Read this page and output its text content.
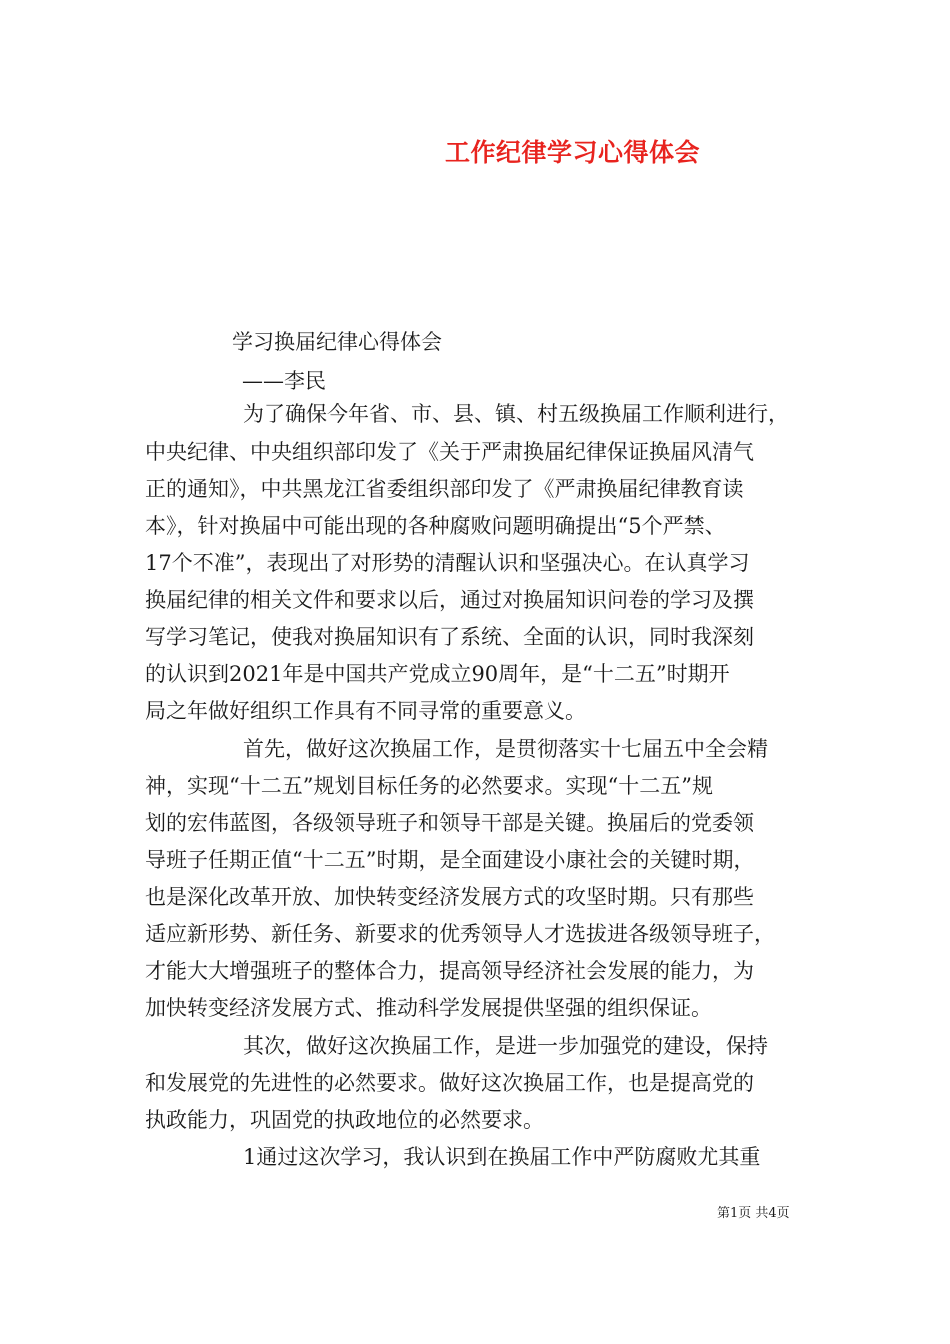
工作纪律学习心得体会
学习换届纪律心得体会
——李民
为了确保今年省、市、县、镇、村五级换届工作顺利进行，
中央纪律、中央组织部印发了《关于严肃换届纪律保证换届风清气
正的通知》，中共黑龙江省委组织部印发了《严肃换届纪律教育读
本》，针对换届中可能出现的各种腐败问题明确提出“5个严禁、
17个不准”，表现出了对形势的清醒认识和坚强决心。在认真学习
换届纪律的相关文件和要求以后，通过对换届知识问卷的学习及撰
写学习笔记，使我对换届知识有了系统、全面的认识，同时我深刻
的认识到2021年是中国共产党成立90周年，是“十二五”时期开
局之年做好组织工作具有不同寻常的重要意义。
首先，做好这次换届工作，是贯彻落实十七届五中全会精
神，实现“十二五”规划目标任务的必然要求。实现“十二五”规
划的宏伟蓝图，各级领导班子和领导干部是关键。换届后的党委领
导班子任期正值“十二五”时期，是全面建设小康社会的关键时期，
也是深化改革开放、加快转变经济发展方式的攻坚时期。只有那些
适应新形势、新任务、新要求的优秀领导人才选拔进各级领导班子，
才能大大增强班子的整体合力，提高领导经济社会发展的能力，为
加快转变经济发展方式、推动科学发展提供坚强的组织保证。
其次，做好这次换届工作，是进一步加强党的建设，保持
和发展党的先进性的必然要求。做好这次换届工作，也是提高党的
执政能力，巩固党的执政地位的必然要求。
1通过这次学习，我认识到在换届工作中严防腐败尤其重
第1页 共4页
